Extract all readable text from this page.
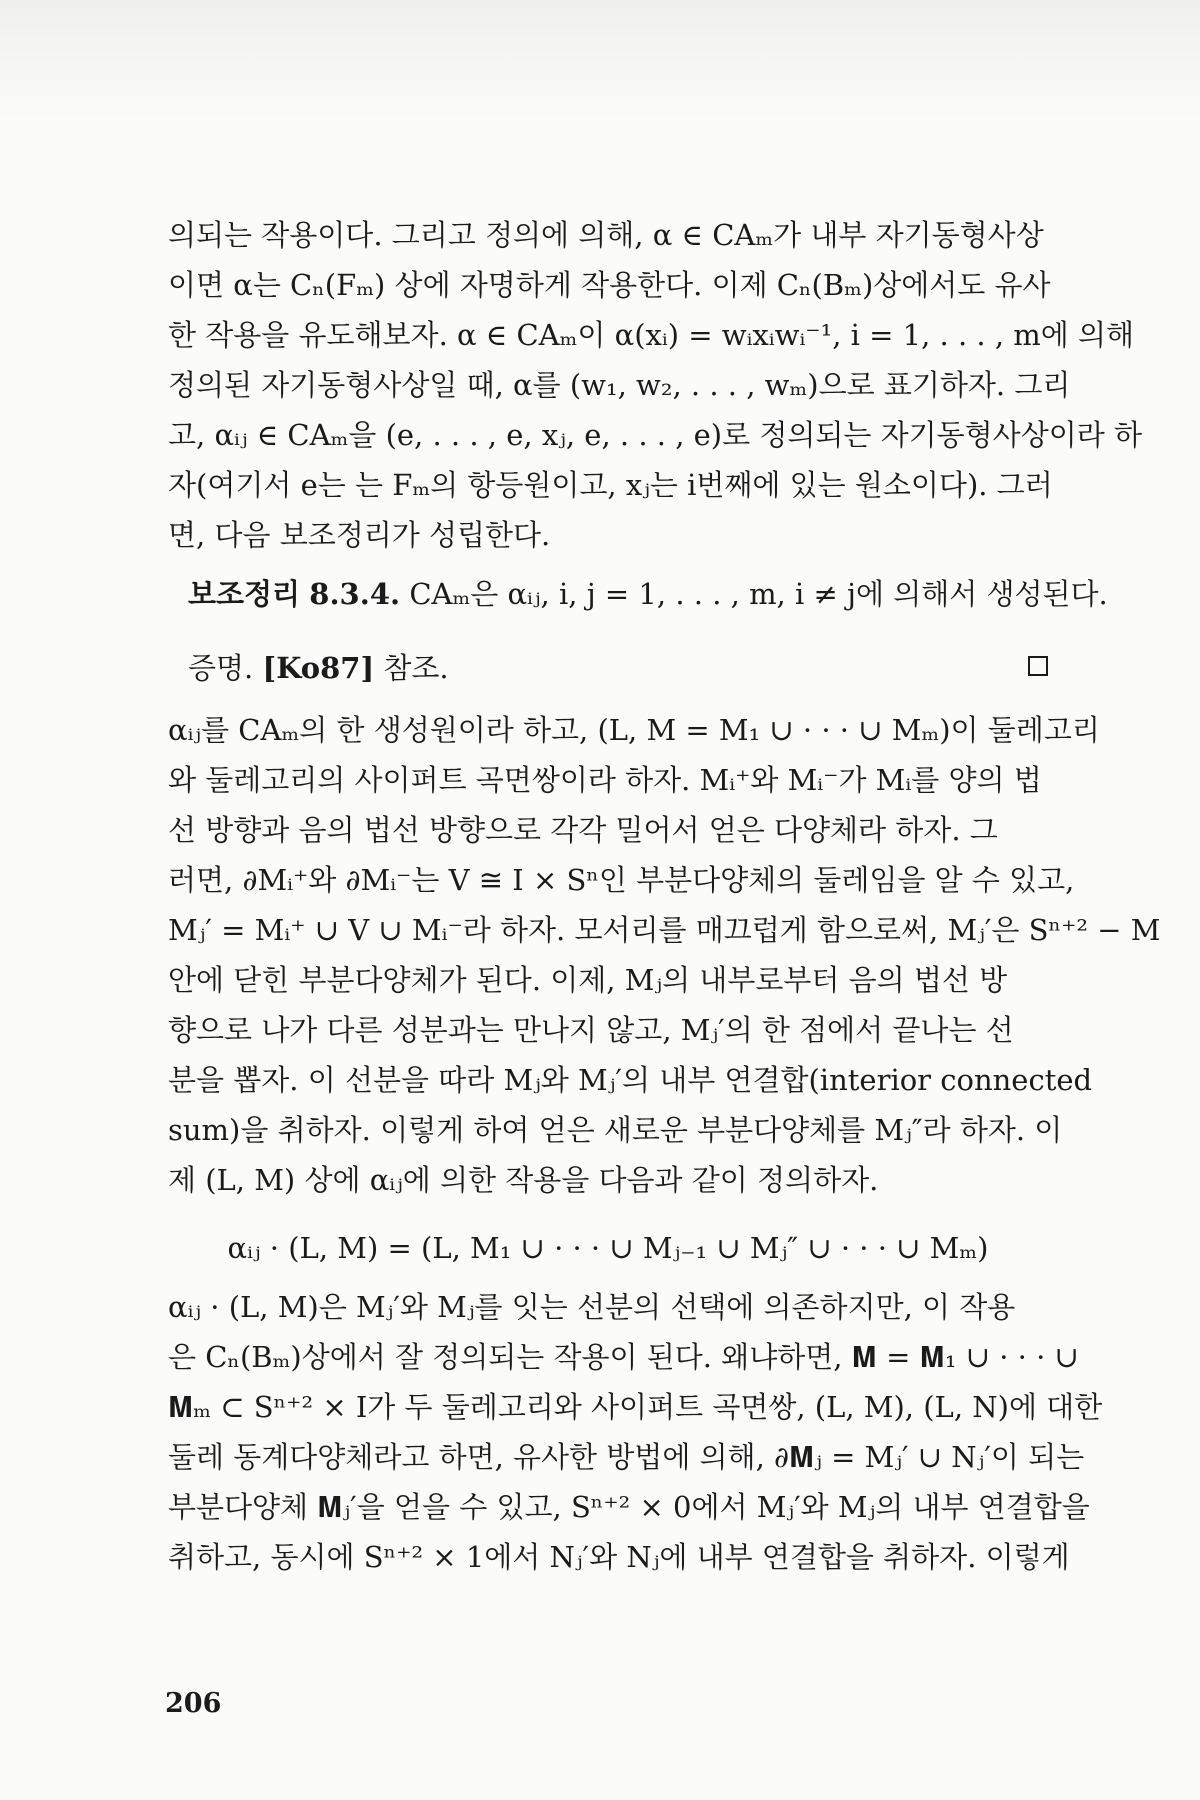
의되는 작용이다. 그리고 정의에 의해, α ∈ CAₘ가 내부 자기동형사상
이면 α는 Cₙ(Fₘ) 상에 자명하게 작용한다. 이제 Cₙ(Bₘ)상에서도 유사
한 작용을 유도해보자. α ∈ CAₘ이 α(xᵢ) = wᵢxᵢwᵢ⁻¹, i = 1, . . . , m에 의해
정의된 자기동형사상일 때, α를 (w₁, w₂, . . . , wₘ)으로 표기하자. 그리
고, αᵢⱼ ∈ CAₘ을 (e, . . . , e, xⱼ, e, . . . , e)로 정의되는 자기동형사상이라 하
자(여기서 e는 는 Fₘ의 항등원이고, xⱼ는 i번째에 있는 원소이다). 그러
면, 다음 보조정리가 성립한다.
보조정리 8.3.4. CAₘ은 αᵢⱼ, i, j = 1, . . . , m, i ≠ j에 의해서 생성된다.
증명. [Ko87] 참조.
αᵢⱼ를 CAₘ의 한 생성원이라 하고, (L, M = M₁ ∪ · · · ∪ Mₘ)이 둘레고리
와 둘레고리의 사이퍼트 곡면쌍이라 하자. Mᵢ⁺와 Mᵢ⁻가 Mᵢ를 양의 법
선 방향과 음의 법선 방향으로 각각 밀어서 얻은 다양체라 하자. 그
러면, ∂Mᵢ⁺와 ∂Mᵢ⁻는 V ≅ I × Sⁿ인 부분다양체의 둘레임을 알 수 있고,
Mⱼ′ = Mᵢ⁺ ∪ V ∪ Mᵢ⁻라 하자. 모서리를 매끄럽게 함으로써, Mⱼ′은 Sⁿ⁺² − M
안에 닫힌 부분다양체가 된다. 이제, Mⱼ의 내부로부터 음의 법선 방
향으로 나가 다른 성분과는 만나지 않고, Mⱼ′의 한 점에서 끝나는 선
분을 뽑자. 이 선분을 따라 Mⱼ와 Mⱼ′의 내부 연결합(interior connected
sum)을 취하자. 이렇게 하여 얻은 새로운 부분다양체를 Mⱼ″라 하자. 이
제 (L, M) 상에 αᵢⱼ에 의한 작용을 다음과 같이 정의하자.
αᵢⱼ · (L, M) = (L, M₁ ∪ · · · ∪ Mⱼ₋₁ ∪ Mⱼ″ ∪ · · · ∪ Mₘ)
αᵢⱼ · (L, M)은 Mⱼ′와 Mⱼ를 잇는 선분의 선택에 의존하지만, 이 작용
은 Cₙ(Bₘ)상에서 잘 정의되는 작용이 된다. 왜냐하면, 𝐌 = 𝐌₁ ∪ · · · ∪
𝐌ₘ ⊂ Sⁿ⁺² × I가 두 둘레고리와 사이퍼트 곡면쌍, (L, M), (L, N)에 대한
둘레 동계다양체라고 하면, 유사한 방법에 의해, ∂𝐌ⱼ = Mⱼ′ ∪ Nⱼ′이 되는
부분다양체 𝐌ⱼ′을 얻을 수 있고, Sⁿ⁺² × 0에서 Mⱼ′와 Mⱼ의 내부 연결합을
취하고, 동시에 Sⁿ⁺² × 1에서 Nⱼ′와 Nⱼ에 내부 연결합을 취하자. 이렇게
206
